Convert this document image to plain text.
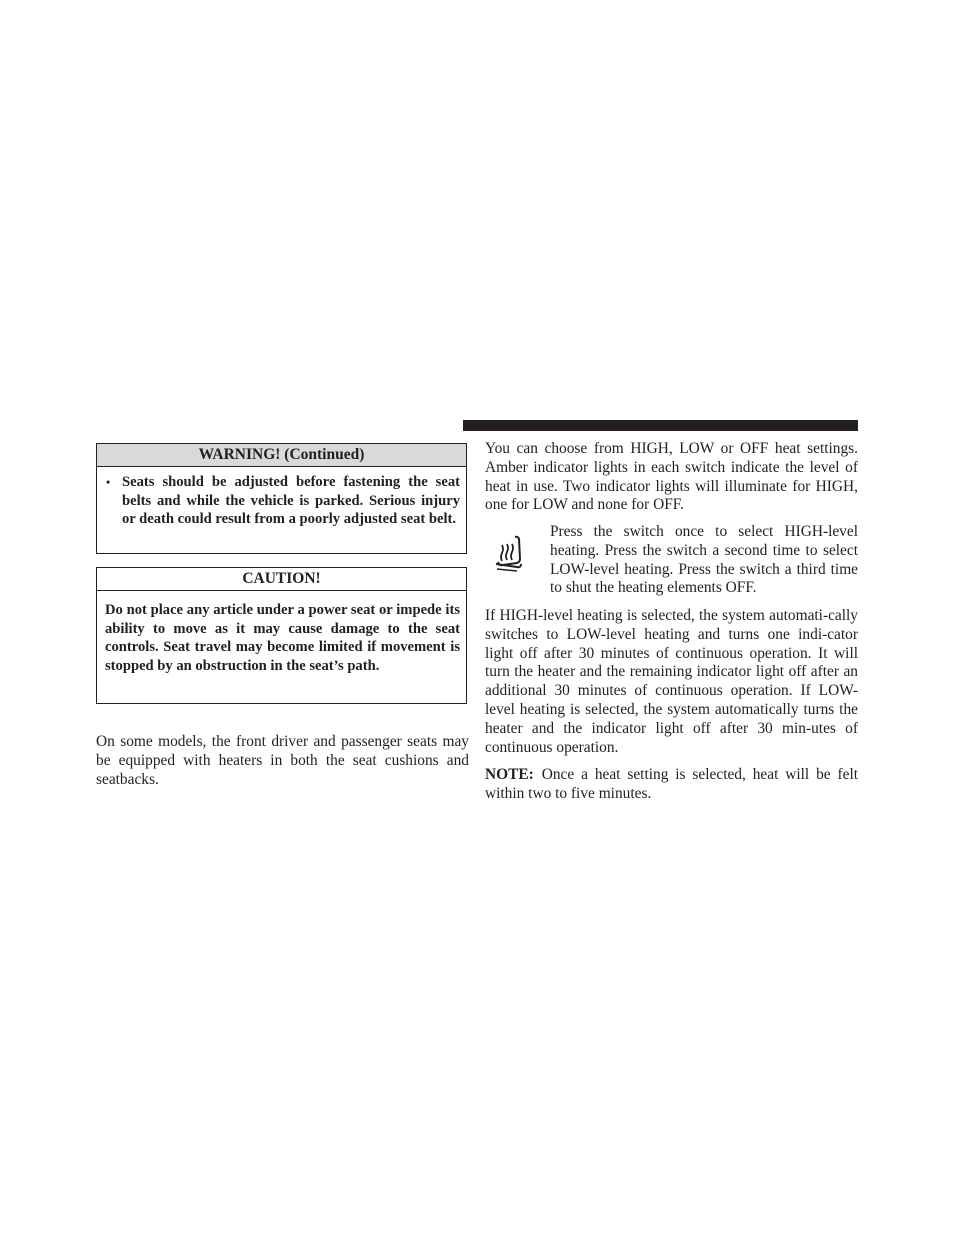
WARNING! (Continued)
• Seats should be adjusted before fastening the seat belts and while the vehicle is parked. Serious injury or death could result from a poorly adjusted seat belt.
CAUTION!
Do not place any article under a power seat or impede its ability to move as it may cause damage to the seat controls. Seat travel may become limited if movement is stopped by an obstruction in the seat’s path.

On some models, the front driver and passenger seats may be equipped with heaters in both the seat cushions and seatbacks.

You can choose from HIGH, LOW or OFF heat settings. Amber indicator lights in each switch indicate the level of heat in use. Two indicator lights will illuminate for HIGH, one for LOW and none for OFF.

Press the switch once to select HIGH-level heating. Press the switch a second time to select LOW-level heating. Press the switch a third time to shut the heating elements OFF.

If HIGH-level heating is selected, the system automati-cally switches to LOW-level heating and turns one indi-cator light off after 30 minutes of continuous operation. It will turn the heater and the remaining indicator light off after an additional 30 minutes of continuous operation. If LOW-level heating is selected, the system automatically turns the heater and the indicator light off after 30 min-utes of continuous operation.

NOTE: Once a heat setting is selected, heat will be felt within two to five minutes.
